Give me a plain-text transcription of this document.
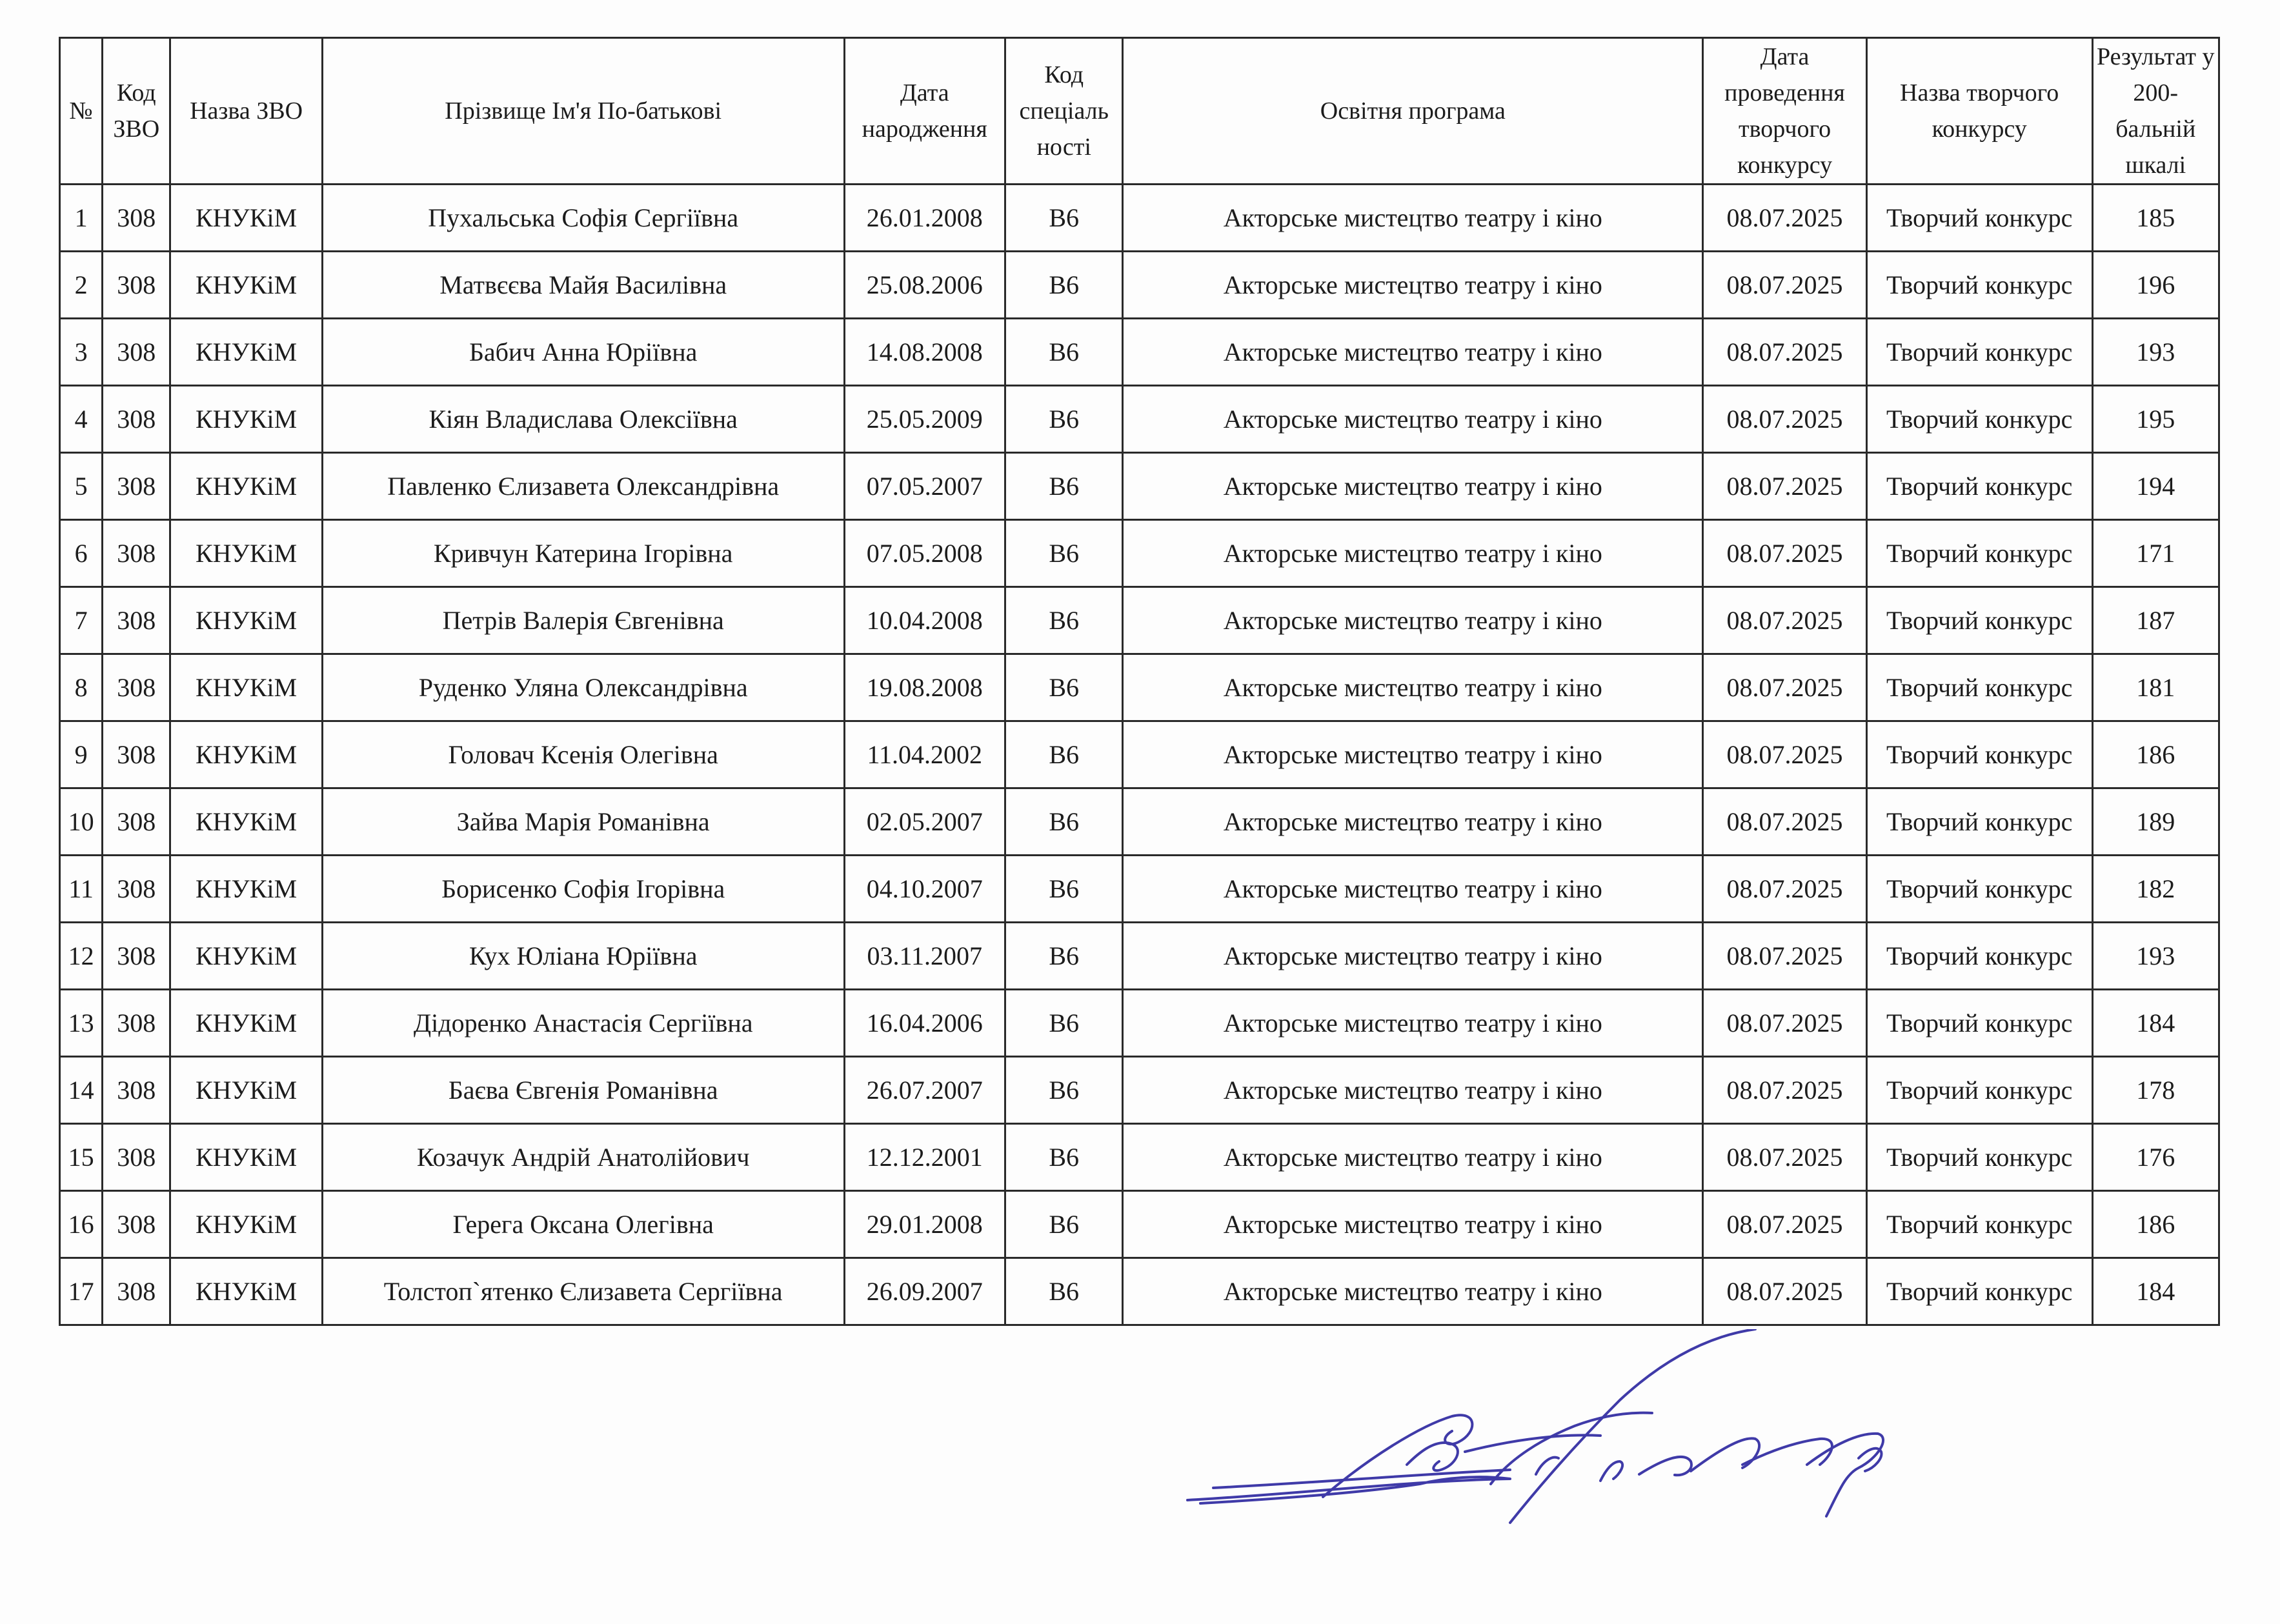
№	Код ЗВО	Назва ЗВО	Прізвище Ім'я По-батькові	Дата народження	Код спеціаль ності	Освітня програма	Дата проведення творчого конкурсу	Назва творчого конкурсу	Результат у 200-бальній шкалі
1	308	КНУКіМ	Пухальська Софія Сергіївна	26.01.2008	В6	Акторське мистецтво театру і кіно	08.07.2025	Творчий конкурс	185
2	308	КНУКіМ	Матвєєва Майя Василівна	25.08.2006	В6	Акторське мистецтво театру і кіно	08.07.2025	Творчий конкурс	196
3	308	КНУКіМ	Бабич Анна Юріївна	14.08.2008	В6	Акторське мистецтво театру і кіно	08.07.2025	Творчий конкурс	193
4	308	КНУКіМ	Кіян Владислава Олексіївна	25.05.2009	В6	Акторське мистецтво театру і кіно	08.07.2025	Творчий конкурс	195
5	308	КНУКіМ	Павленко Єлизавета Олександрівна	07.05.2007	В6	Акторське мистецтво театру і кіно	08.07.2025	Творчий конкурс	194
6	308	КНУКіМ	Кривчун Катерина Ігорівна	07.05.2008	В6	Акторське мистецтво театру і кіно	08.07.2025	Творчий конкурс	171
7	308	КНУКіМ	Петрів Валерія Євгенівна	10.04.2008	В6	Акторське мистецтво театру і кіно	08.07.2025	Творчий конкурс	187
8	308	КНУКіМ	Руденко Уляна Олександрівна	19.08.2008	В6	Акторське мистецтво театру і кіно	08.07.2025	Творчий конкурс	181
9	308	КНУКіМ	Головач Ксенія Олегівна	11.04.2002	В6	Акторське мистецтво театру і кіно	08.07.2025	Творчий конкурс	186
10	308	КНУКіМ	Зайва Марія Романівна	02.05.2007	В6	Акторське мистецтво театру і кіно	08.07.2025	Творчий конкурс	189
11	308	КНУКіМ	Борисенко Софія Ігорівна	04.10.2007	В6	Акторське мистецтво театру і кіно	08.07.2025	Творчий конкурс	182
12	308	КНУКіМ	Кух Юліана Юріївна	03.11.2007	В6	Акторське мистецтво театру і кіно	08.07.2025	Творчий конкурс	193
13	308	КНУКіМ	Дідоренко Анастасія Сергіївна	16.04.2006	В6	Акторське мистецтво театру і кіно	08.07.2025	Творчий конкурс	184
14	308	КНУКіМ	Баєва Євгенія Романівна	26.07.2007	В6	Акторське мистецтво театру і кіно	08.07.2025	Творчий конкурс	178
15	308	КНУКіМ	Козачук Андрій Анатолійович	12.12.2001	В6	Акторське мистецтво театру і кіно	08.07.2025	Творчий конкурс	176
16	308	КНУКіМ	Герега Оксана Олегівна	29.01.2008	В6	Акторське мистецтво театру і кіно	08.07.2025	Творчий конкурс	186
17	308	КНУКіМ	Толстоп`ятенко Єлизавета Сергіївна	26.09.2007	В6	Акторське мистецтво театру і кіно	08.07.2025	Творчий конкурс	184
